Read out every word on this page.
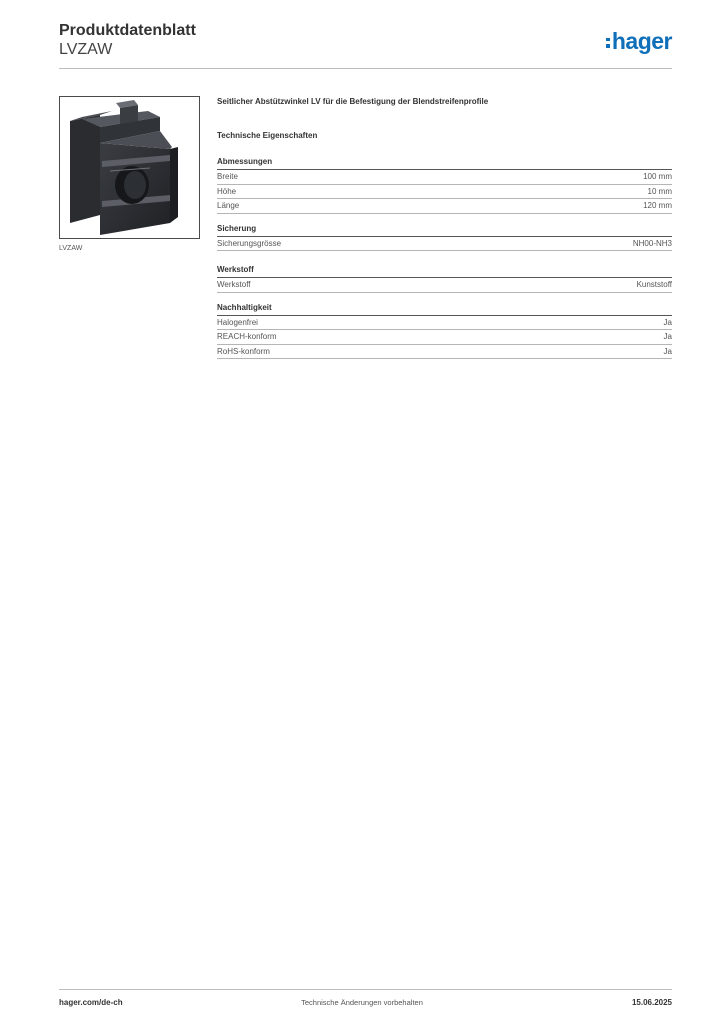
Produktdatenblatt
LVZAW	hager
LVZAW
Seitlicher Abstützwinkel LV für die Befestigung der Blendstreifenprofile
Technische Eigenschaften
Abmessungen
Breite	100 mm
Höhe	10 mm
Länge	120 mm
Sicherung
Sicherungsgrösse	NH00-NH3
Werkstoff
Werkstoff	Kunststoff
Nachhaltigkeit
Halogenfrei	Ja
REACH-konform	Ja
RoHS-konform	Ja
hager.com/de-ch	Technische Änderungen vorbehalten	15.06.2025
